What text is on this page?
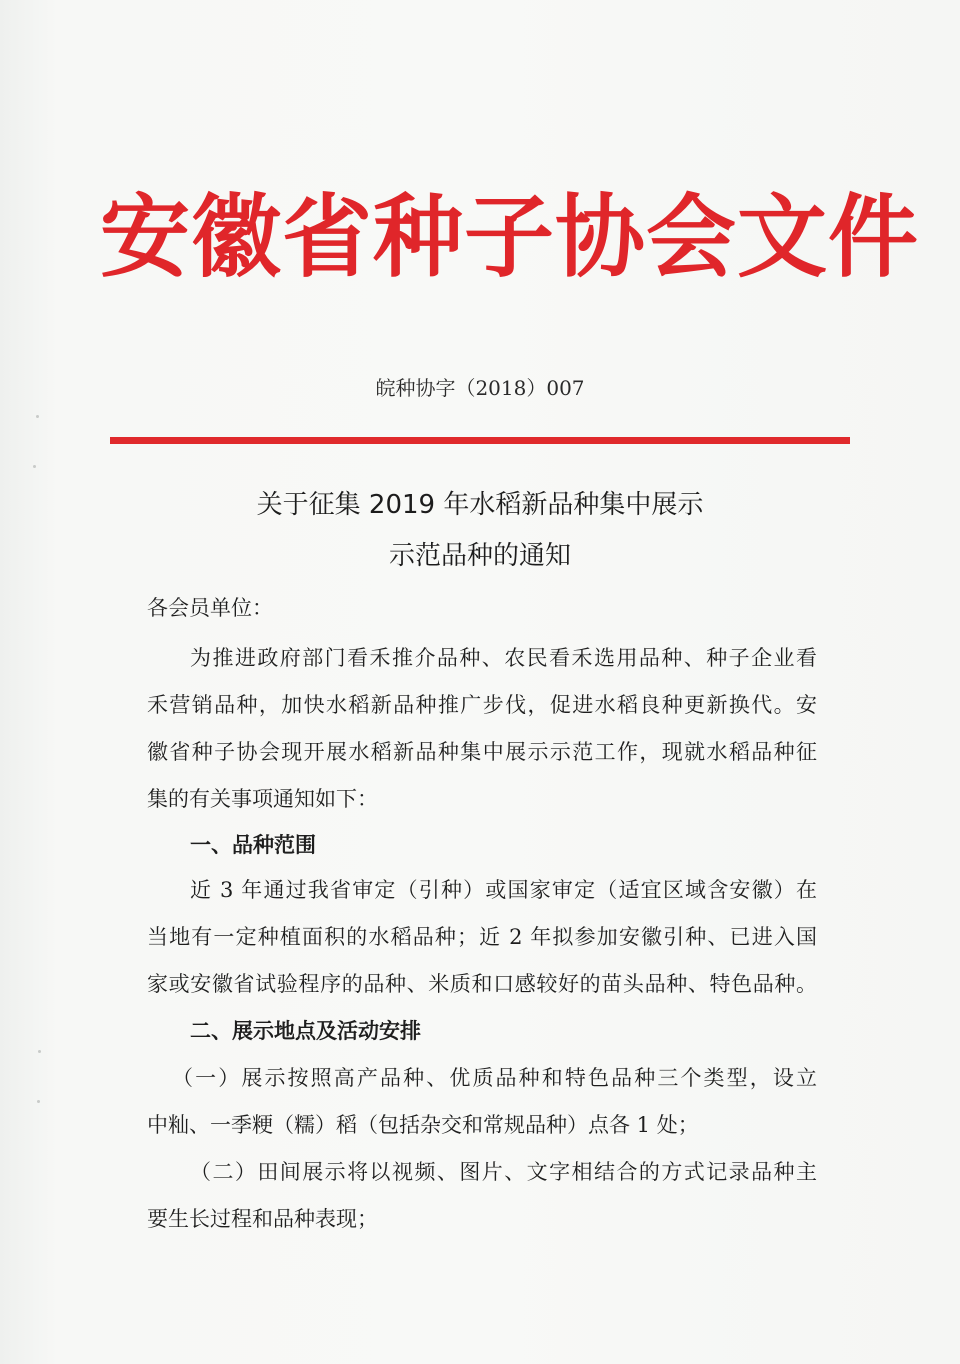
安徽省种子协会文件
皖种协字（2018）007
关于征集 2019 年水稻新品种集中展示
示范品种的通知
各会员单位：
为推进政府部门看禾推介品种、农民看禾选用品种、种子企业看
禾营销品种，加快水稻新品种推广步伐，促进水稻良种更新换代。安
徽省种子协会现开展水稻新品种集中展示示范工作，现就水稻品种征
集的有关事项通知如下：
一、品种范围
近 3 年通过我省审定（引种）或国家审定（适宜区域含安徽）在
当地有一定种植面积的水稻品种；近 2 年拟参加安徽引种、已进入国
家或安徽省试验程序的品种、米质和口感较好的苗头品种、特色品种。
二、展示地点及活动安排
（一）展示按照高产品种、优质品种和特色品种三个类型，设立
中籼、一季粳（糯）稻（包括杂交和常规品种）点各 1 处；
（二）田间展示将以视频、图片、文字相结合的方式记录品种主
要生长过程和品种表现；
